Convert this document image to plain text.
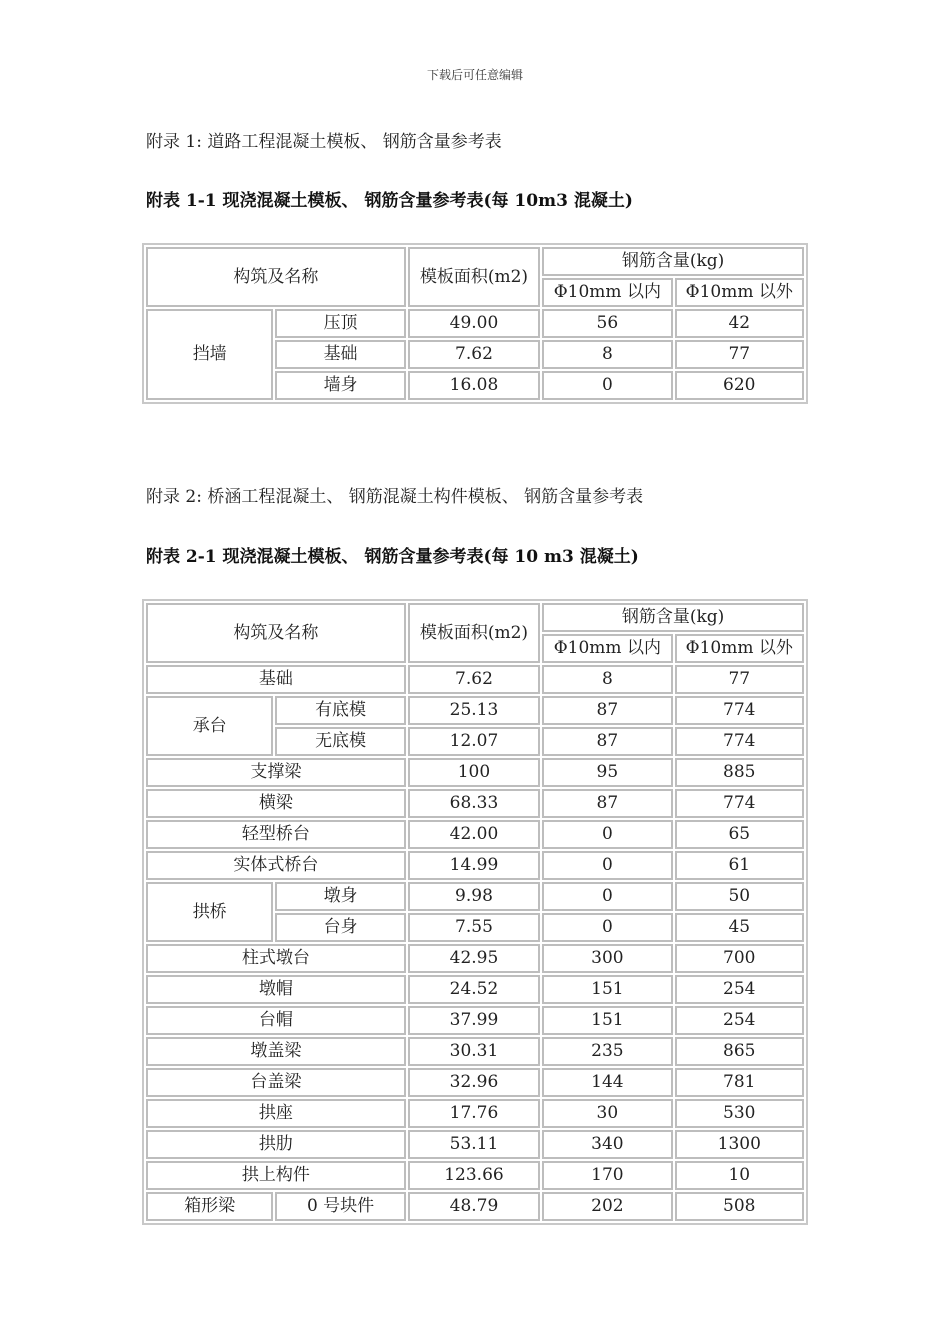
下载后可任意编辑
附录 1: 道路工程混凝土模板、 钢筋含量参考表
附表 1-1 现浇混凝土模板、 钢筋含量参考表(每 10m3 混凝土)
构筑及名称		模板面积(m2)	钢筋含量(kg)	
			Φ10mm 以内	Φ10mm 以外
挡墙	压顶	49.00	56	42
	基础	7.62	8	77
	墙身	16.08	0	620
附录 2: 桥涵工程混凝土、 钢筋混凝土构件模板、 钢筋含量参考表
附表 2-1 现浇混凝土模板、 钢筋含量参考表(每 10 m3 混凝土)
构筑及名称		模板面积(m2)	钢筋含量(kg)	
			Φ10mm 以内	Φ10mm 以外
基础		7.62	8	77
承台	有底模	25.13	87	774
	无底模	12.07	87	774
支撑梁		100	95	885
横梁		68.33	87	774
轻型桥台		42.00	0	65
实体式桥台		14.99	0	61
拱桥	墩身	9.98	0	50
	台身	7.55	0	45
柱式墩台		42.95	300	700
墩帽		24.52	151	254
台帽		37.99	151	254
墩盖梁		30.31	235	865
台盖梁		32.96	144	781
拱座		17.76	30	530
拱肋		53.11	340	1300
拱上构件		123.66	170	10
箱形梁	0 号块件	48.79	202	508
